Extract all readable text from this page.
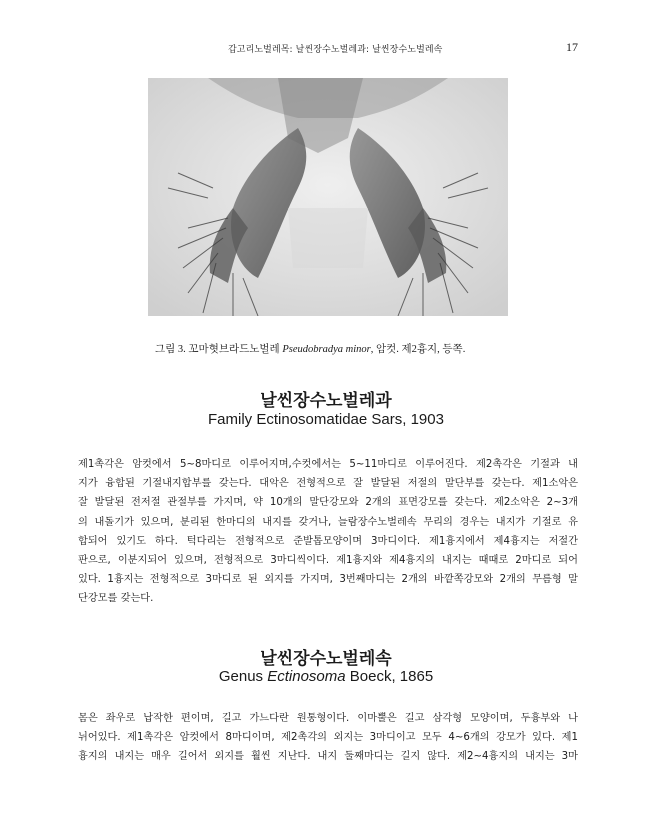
갑고리노벌레목: 날씬장수노벌레과: 날씬장수노벌레속	17
그림 3. 꼬마혓브라드노벌레 Pseudobradya minor, 암컷. 제2흉지, 등쪽.
날씬장수노벌레과
Family Ectinosomatidae Sars, 1903
제1촉각은 암컷에서 5~8마디로 이루어지며,수컷에서는 5~11마디로 이루어진다. 제2촉각은 기절과 내
지가 융합된 기절내지합부를 갖는다. 대악은 전형적으로 잘 발달된 저절의 말단부를 갖는다. 제1소악은
잘 발달된 전저절 관절부를 가지며, 약 10개의 말단강모와 2개의 표면강모를 갖는다. 제2소악은 2~3개
의 내돌기가 있으며, 분리된 한마디의 내지를 갖거나, 늘람장수노벌레속 무리의 경우는 내지가 기절로 유
합되어 있기도 하다. 턱다리는 전형적으로 준발톱모양이며 3마디이다. 제1흉지에서 제4흉지는 저절간
판으로, 이분지되어 있으며, 전형적으로 3마디씩이다. 제1흉지와 제4흉지의 내지는 때때로 2마디로 되어
있다. 1흉지는 전형적으로 3마디로 된 외지를 가지며, 3번째마디는 2개의 바깥쪽강모와 2개의 무름형 말
단강모를 갖는다.
날씬장수노벌레속
Genus Ectinosoma Boeck, 1865
몸은 좌우로 납작한 편이며, 길고 가느다란 원통형이다. 이마뿔은 길고 삼각형 모양이며, 두흉부와 나
뉘어있다. 제1촉각은 암컷에서 8마디이며, 제2촉각의 외지는 3마디이고 모두 4~6개의 강모가 있다. 제1
흉지의 내지는 매우 길어서 외지를 훨씬 지난다. 내지 둘째마디는 길지 않다. 제2~4흉지의 내지는 3마
